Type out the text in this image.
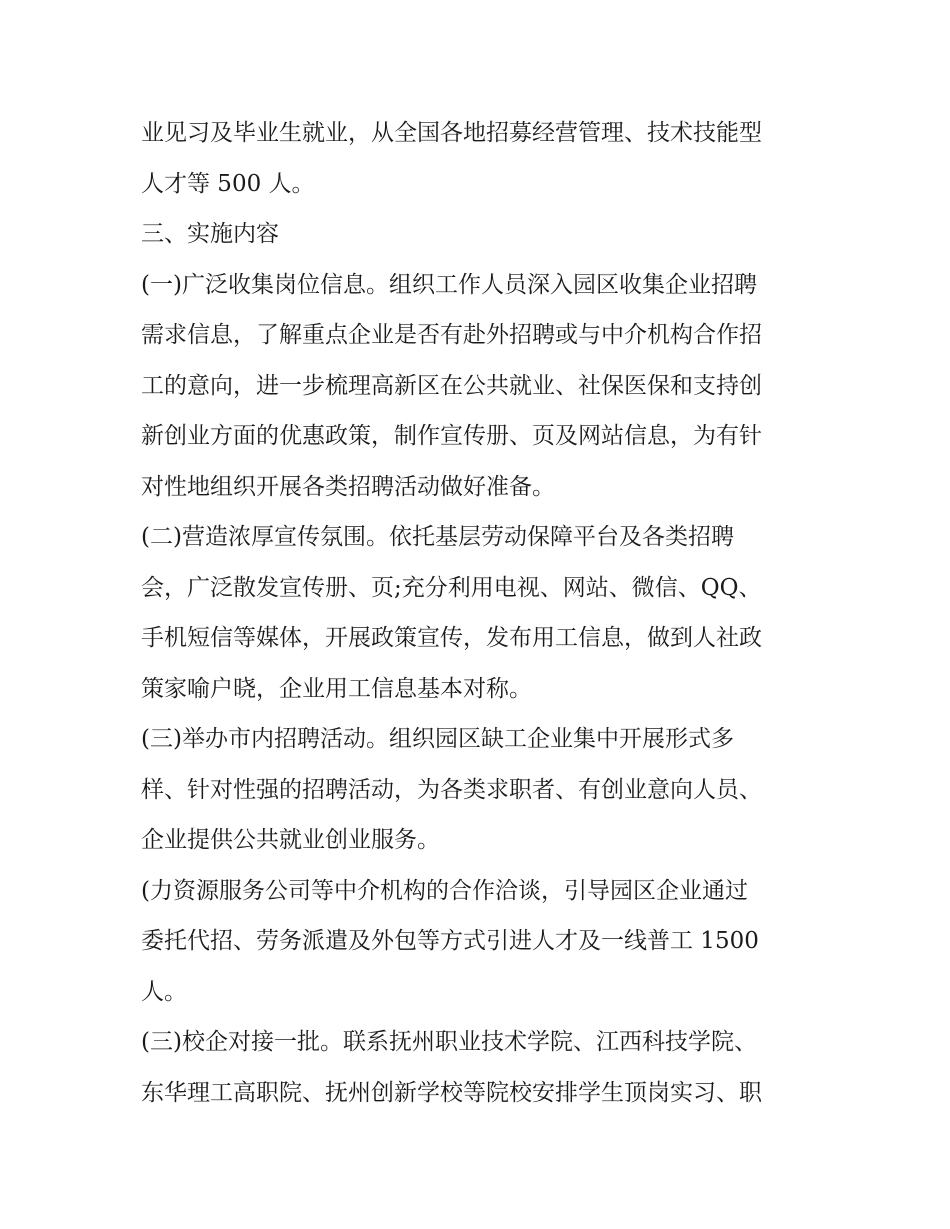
业见习及毕业生就业，从全国各地招募经营管理、技术技能型
人才等 500 人。
三、实施内容
(一)广泛收集岗位信息。组织工作人员深入园区收集企业招聘
需求信息，了解重点企业是否有赴外招聘或与中介机构合作招
工的意向，进一步梳理高新区在公共就业、社保医保和支持创
新创业方面的优惠政策，制作宣传册、页及网站信息，为有针
对性地组织开展各类招聘活动做好准备。
(二)营造浓厚宣传氛围。依托基层劳动保障平台及各类招聘
会，广泛散发宣传册、页;充分利用电视、网站、微信、QQ、
手机短信等媒体，开展政策宣传，发布用工信息，做到人社政
策家喻户晓，企业用工信息基本对称。
(三)举办市内招聘活动。组织园区缺工企业集中开展形式多
样、针对性强的招聘活动，为各类求职者、有创业意向人员、
企业提供公共就业创业服务。
(力资源服务公司等中介机构的合作洽谈，引导园区企业通过
委托代招、劳务派遣及外包等方式引进人才及一线普工 1500
人。
(三)校企对接一批。联系抚州职业技术学院、江西科技学院、
东华理工高职院、抚州创新学校等院校安排学生顶岗实习、职
